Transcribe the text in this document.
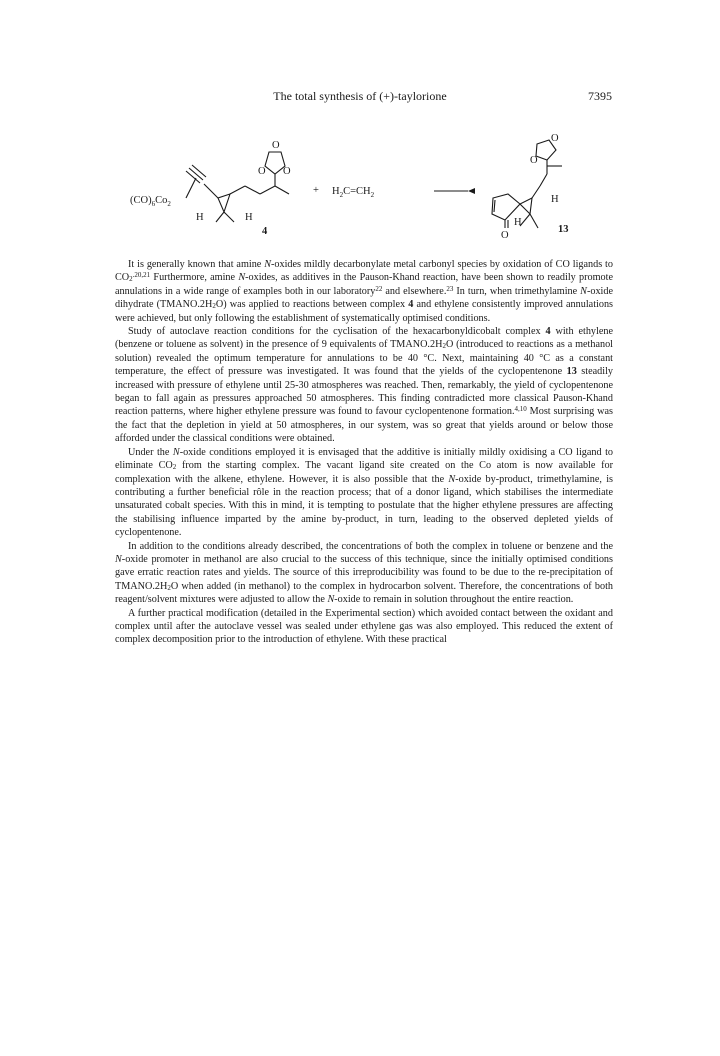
The total synthesis of (+)-taylorione	7395
$(CO)_6Co_2$
H	H
4
O
O O
+ $H_2C=CH_2$
O
O
H
H
O
13

It is generally known that amine N-oxides mildly decarbonylate metal carbonyl species by oxidation of CO ligands to $CO_2^{.20,21}$ Furthermore, amine N-oxides, as additives in the Pauson-Khand reaction, have been shown to readily promote annulations in a wide range of examples both in our laboratory$^{22}$ and elsewhere.$^{23}$ In turn, when trimethylamine N-oxide dihydrate $(TMANO.2H_2O)$ was applied to reactions between complex 4 and ethylene consistently improved annulations were achieved, but only following the establishment of systematically optimised conditions.

Study of autoclave reaction conditions for the cyclisation of the hexacarbonyldicobalt complex 4 with ethylene (benzene or toluene as solvent) in the presence of 9 equivalents of $TMANO.2H_2O$ (introduced to reactions as a methanol solution) revealed the optimum temperature for annulations to be 40 °C. Next, maintaining 40 °C as a constant temperature, the effect of pressure was investigated. It was found that the yields of the cyclopentenone 13 steadily increased with pressure of ethylene until 25-30 atmospheres was reached. Then, remarkably, the yield of cyclopentenone began to fall again as pressures approached 50 atmospheres. This finding contradicted more classical Pauson-Khand reaction patterns, where higher ethylene pressure was found to favour cyclopentenone formation.$^{4,10}$ Most surprising was the fact that the depletion in yield at 50 atmospheres, in our system, was so great that yields around or below those afforded under the classical conditions were obtained.

Under the N-oxide conditions employed it is envisaged that the additive is initially mildly oxidising a CO ligand to eliminate $CO_2$ from the starting complex. The vacant ligand site created on the Co atom is now available for complexation with the alkene, ethylene. However, it is also possible that the N-oxide by-product, trimethylamine, is contributing a further beneficial rôle in the reaction process; that of a donor ligand, which stabilises the intermediate unsaturated cobalt species. With this in mind, it is tempting to postulate that the higher ethylene pressures are affecting the stabilising influence imparted by the amine by-product, in turn, leading to the observed depleted yields of cyclopentenone.

In addition to the conditions already described, the concentrations of both the complex in toluene or benzene and the N-oxide promoter in methanol are also crucial to the success of this technique, since the initially optimised conditions gave erratic reaction rates and yields. The source of this irreproducibility was found to be due to the re-precipitation of $TMANO.2H_2O$ when added (in methanol) to the complex in hydrocarbon solvent. Therefore, the concentrations of both reagent/solvent mixtures were adjusted to allow the N-oxide to remain in solution throughout the entire reaction.

A further practical modification (detailed in the Experimental section) which avoided contact between the oxidant and complex until after the autoclave vessel was sealed under ethylene gas was also employed. This reduced the extent of complex decomposition prior to the introduction of ethylene. With these practical
